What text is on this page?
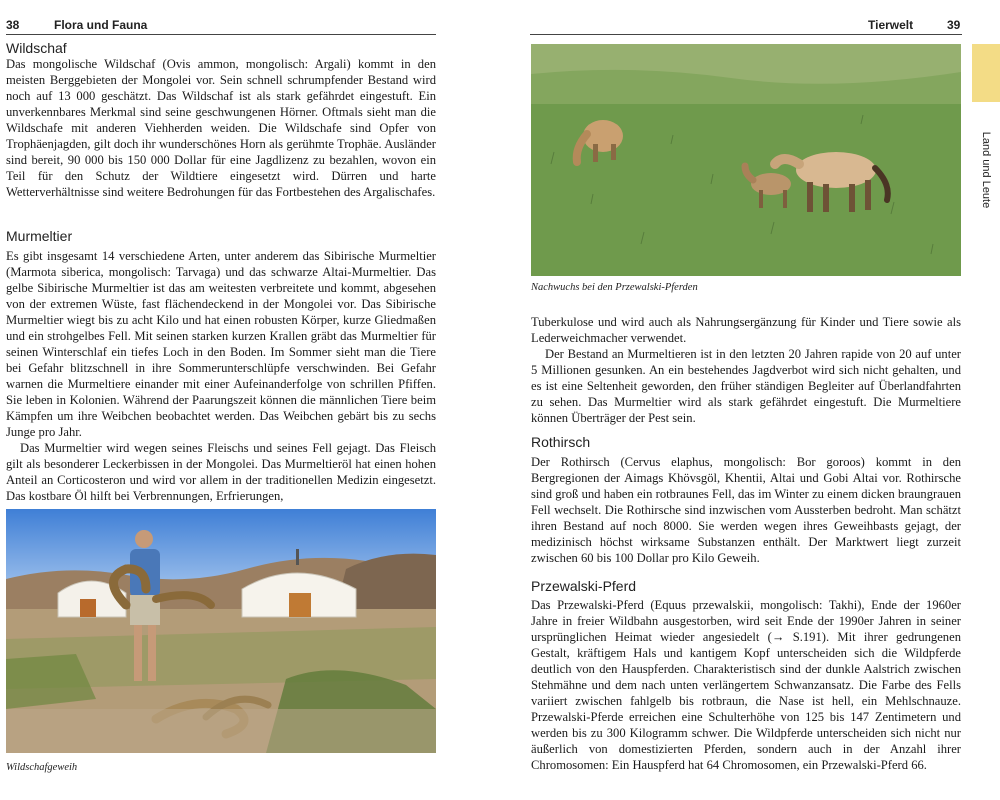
38	Flora und Fauna
Wildschaf

Das mongolische Wildschaf (Ovis ammon, mongolisch: Argali) kommt in den meisten Berggebieten der Mongolei vor. Sein schnell schrumpfender Bestand wird noch auf 13 000 geschätzt. Das Wildschaf ist als stark gefährdet eingestuft. Ein unverkennbares Merkmal sind seine geschwungenen Hörner. Oftmals sieht man die Wildschafe mit anderen Viehherden weiden. Die Wildschafe sind Opfer von Trophäenjagden, gilt doch ihr wunderschönes Horn als gerühmte Trophäe. Ausländer sind bereit, 90 000 bis 150 000 Dollar für eine Jagdlizenz zu bezahlen, wovon ein Teil für den Schutz der Wildtiere eingesetzt wird. Dürren und harte Wetterverhältnisse sind weitere Bedrohungen für das Fortbestehen des Argalischafes.

Murmeltier

Es gibt insgesamt 14 verschiedene Arten, unter anderem das Sibirische Murmeltier (Marmota siberica, mongolisch: Tarvaga) und das schwarze Altai-Murmeltier. Das gelbe Sibirische Murmeltier ist das am weitesten verbreitete und kommt, abgesehen von der extremen Wüste, fast flächendeckend in der Mongolei vor. Das Sibirische Murmeltier wiegt bis zu acht Kilo und hat einen robusten Körper, kurze Gliedmaßen und ein strohgelbes Fell. Mit seinen starken kurzen Krallen gräbt das Murmeltier für seinen Winterschlaf ein tiefes Loch in den Boden. Im Sommer sieht man die Tiere bei Gefahr blitzschnell in ihre Sommerunterschlüpfe verschwinden. Bei Gefahr warnen die Murmeltiere einander mit einer Aufeinanderfolge von schrillen Pfiffen. Sie leben in Kolonien. Während der Paarungszeit können die männlichen Tiere beim Kämpfen um ihre Weibchen beobachtet werden. Das Weibchen gebärt bis zu sechs Junge pro Jahr.

Das Murmeltier wird wegen seines Fleischs und seines Fell gejagt. Das Fleisch gilt als besonderer Leckerbissen in der Mongolei. Das Murmeltieröl hat einen hohen Anteil an Corticosteron und wird vor allem in der traditionellen Medizin eingesetzt. Das kostbare Öl hilft bei Verbrennungen, Erfrierungen,

Wildschafgeweih

Tierwelt	39

Nachwuchs bei den Przewalski-Pferden

Tuberkulose und wird auch als Nahrungsergänzung für Kinder und Tiere sowie als Lederweichmacher verwendet.

Der Bestand an Murmeltieren ist in den letzten 20 Jahren rapide von 20 auf unter 5 Millionen gesunken. An ein bestehendes Jagdverbot wird sich nicht gehalten, und es ist eine Seltenheit geworden, den früher ständigen Begleiter auf Überlandfahrten zu sehen. Das Murmeltier wird als stark gefährdet eingestuft. Die Murmeltiere können Überträger der Pest sein.

Rothirsch

Der Rothirsch (Cervus elaphus, mongolisch: Bor goroos) kommt in den Bergregionen der Aimags Khövsgöl, Khentii, Altai und Gobi Altai vor. Rothirsche sind groß und haben ein rotbraunes Fell, das im Winter zu einem dicken braungrauen Fell wechselt. Die Rothirsche sind inzwischen vom Aussterben bedroht. Man schätzt ihren Bestand auf noch 8000. Sie werden wegen ihres Geweihbasts gejagt, der medizinisch höchst wirksame Substanzen enthält. Der Marktwert liegt zurzeit zwischen 60 bis 100 Dollar pro Kilo Geweih.

Przewalski-Pferd

Das Przewalski-Pferd (Equus przewalskii, mongolisch: Takhi), Ende der 1960er Jahre in freier Wildbahn ausgestorben, wird seit Ende der 1990er Jahren in seiner ursprünglichen Heimat wieder angesiedelt (→ S.191). Mit ihrer gedrungenen Gestalt, kräftigem Hals und kantigem Kopf unterscheiden sich die Wildpferde deutlich von den Hauspferden. Charakteristisch sind der dunkle Aalstrich zwischen Stehmähne und dem nach unten verlängertem Schwanzansatz. Die Farbe des Fells variiert zwischen fahlgelb bis rotbraun, die Nase ist hell, ein Mehlschnauze. Przewalski-Pferde erreichen eine Schulterhöhe von 125 bis 147 Zentimetern und werden bis zu 300 Kilogramm schwer. Die Wildpferde unterscheiden sich nicht nur äußerlich von domestizierten Pferden, sondern auch in der Anzahl ihrer Chromosomen: Ein Hauspferd hat 64 Chromosomen, ein Przewalski-Pferd 66.

Land und Leute
